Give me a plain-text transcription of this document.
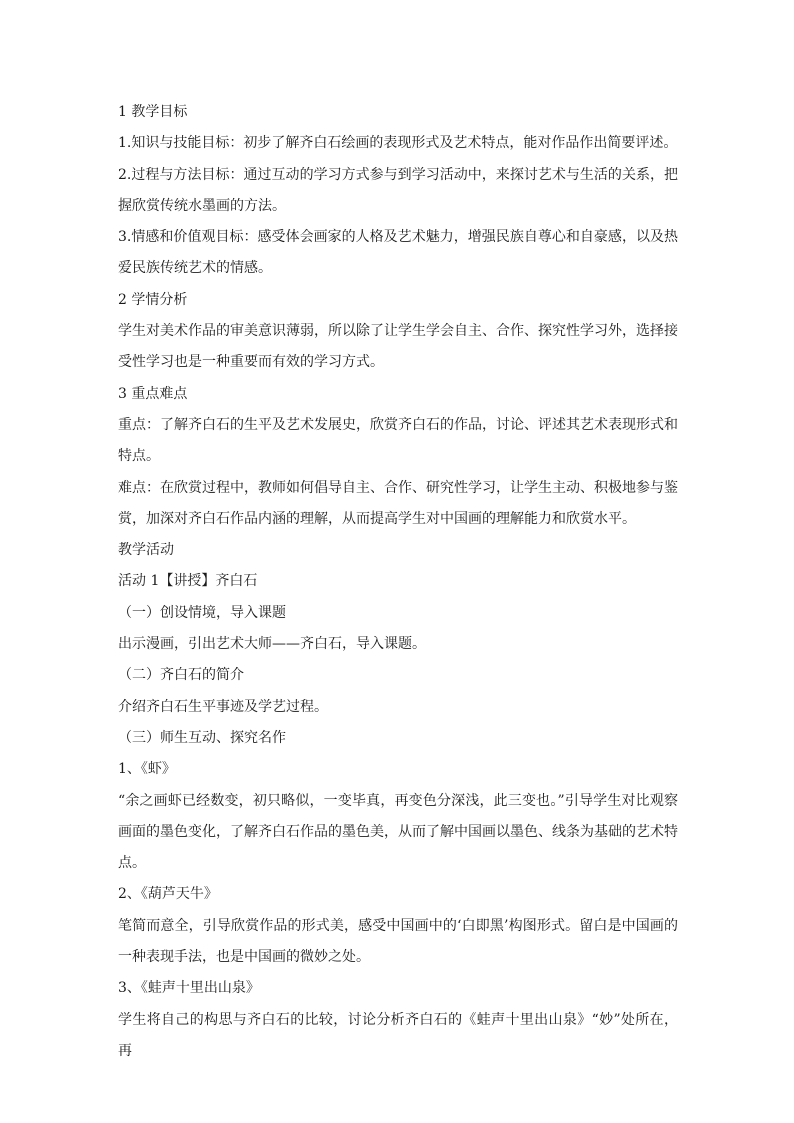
1 教学目标
1.知识与技能目标：初步了解齐白石绘画的表现形式及艺术特点，能对作品作出简要评述。
2.过程与方法目标：通过互动的学习方式参与到学习活动中，来探讨艺术与生活的关系，把
握欣赏传统水墨画的方法。
3.情感和价值观目标：感受体会画家的人格及艺术魅力，增强民族自尊心和自豪感，以及热
爱民族传统艺术的情感。
2 学情分析
学生对美术作品的审美意识薄弱，所以除了让学生学会自主、合作、探究性学习外，选择接
受性学习也是一种重要而有效的学习方式。
3 重点难点
重点：了解齐白石的生平及艺术发展史，欣赏齐白石的作品，讨论、评述其艺术表现形式和
特点。
难点：在欣赏过程中，教师如何倡导自主、合作、研究性学习，让学生主动、积极地参与鉴
赏，加深对齐白石作品内涵的理解，从而提高学生对中国画的理解能力和欣赏水平。
教学活动
活动 1【讲授】齐白石
（一）创设情境，导入课题
出示漫画，引出艺术大师——齐白石，导入课题。
（二）齐白石的简介
介绍齐白石生平事迹及学艺过程。
（三）师生互动、探究名作
1、《虾》
“余之画虾已经数变，初只略似，一变毕真，再变色分深浅，此三变也。”引导学生对比观察
画面的墨色变化，了解齐白石作品的墨色美，从而了解中国画以墨色、线条为基础的艺术特
点。
2、《葫芦天牛》
笔简而意全，引导欣赏作品的形式美，感受中国画中的‘白即黑’构图形式。留白是中国画的
一种表现手法，也是中国画的微妙之处。
3、《蛙声十里出山泉》
学生将自己的构思与齐白石的比较，讨论分析齐白石的《蛙声十里出山泉》“妙”处所在，再
